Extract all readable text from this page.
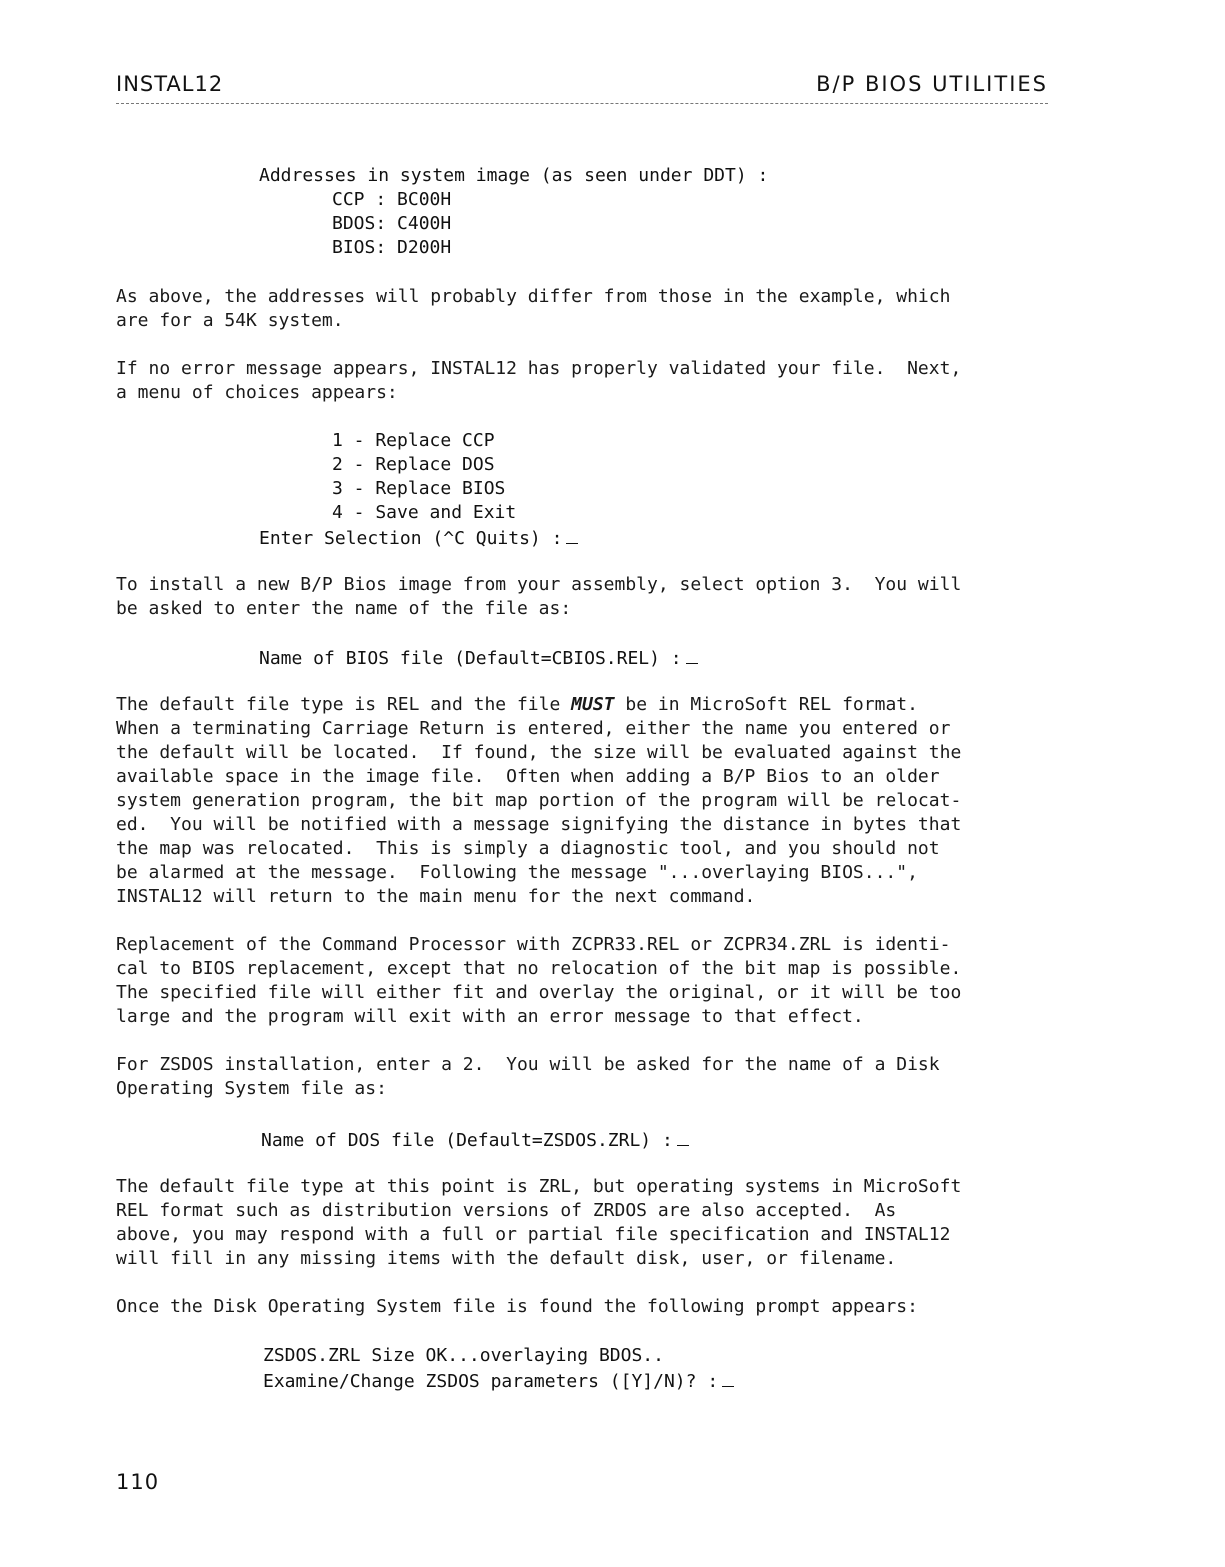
INSTAL12	B/P BIOS UTILITIES
Addresses in system image (as seen under DDT) :
CCP : BC00H
BDOS: C400H
BIOS: D200H
As above, the addresses will probably differ from those in the example, which
are for a 54K system.
If no error message appears, INSTAL12 has properly validated your file.  Next,
a menu of choices appears:
1 - Replace CCP
2 - Replace DOS
3 - Replace BIOS
4 - Save and Exit
Enter Selection (^C Quits) :
To install a new B/P Bios image from your assembly, select option 3.  You will
be asked to enter the name of the file as:
Name of BIOS file (Default=CBIOS.REL) :
The default file type is REL and the file MUST be in MicroSoft REL format.
When a terminating Carriage Return is entered, either the name you entered or
the default will be located.  If found, the size will be evaluated against the
available space in the image file.  Often when adding a B/P Bios to an older
system generation program, the bit map portion of the program will be relocat-
ed.  You will be notified with a message signifying the distance in bytes that
the map was relocated.  This is simply a diagnostic tool, and you should not
be alarmed at the message.  Following the message "...overlaying BIOS...",
INSTAL12 will return to the main menu for the next command.
Replacement of the Command Processor with ZCPR33.REL or ZCPR34.ZRL is identi-
cal to BIOS replacement, except that no relocation of the bit map is possible.
The specified file will either fit and overlay the original, or it will be too
large and the program will exit with an error message to that effect.
For ZSDOS installation, enter a 2.  You will be asked for the name of a Disk
Operating System file as:
Name of DOS file (Default=ZSDOS.ZRL) :
The default file type at this point is ZRL, but operating systems in MicroSoft
REL format such as distribution versions of ZRDOS are also accepted.  As
above, you may respond with a full or partial file specification and INSTAL12
will fill in any missing items with the default disk, user, or filename.
Once the Disk Operating System file is found the following prompt appears:
ZSDOS.ZRL Size OK...overlaying BDOS..
Examine/Change ZSDOS parameters ([Y]/N)? :
110
